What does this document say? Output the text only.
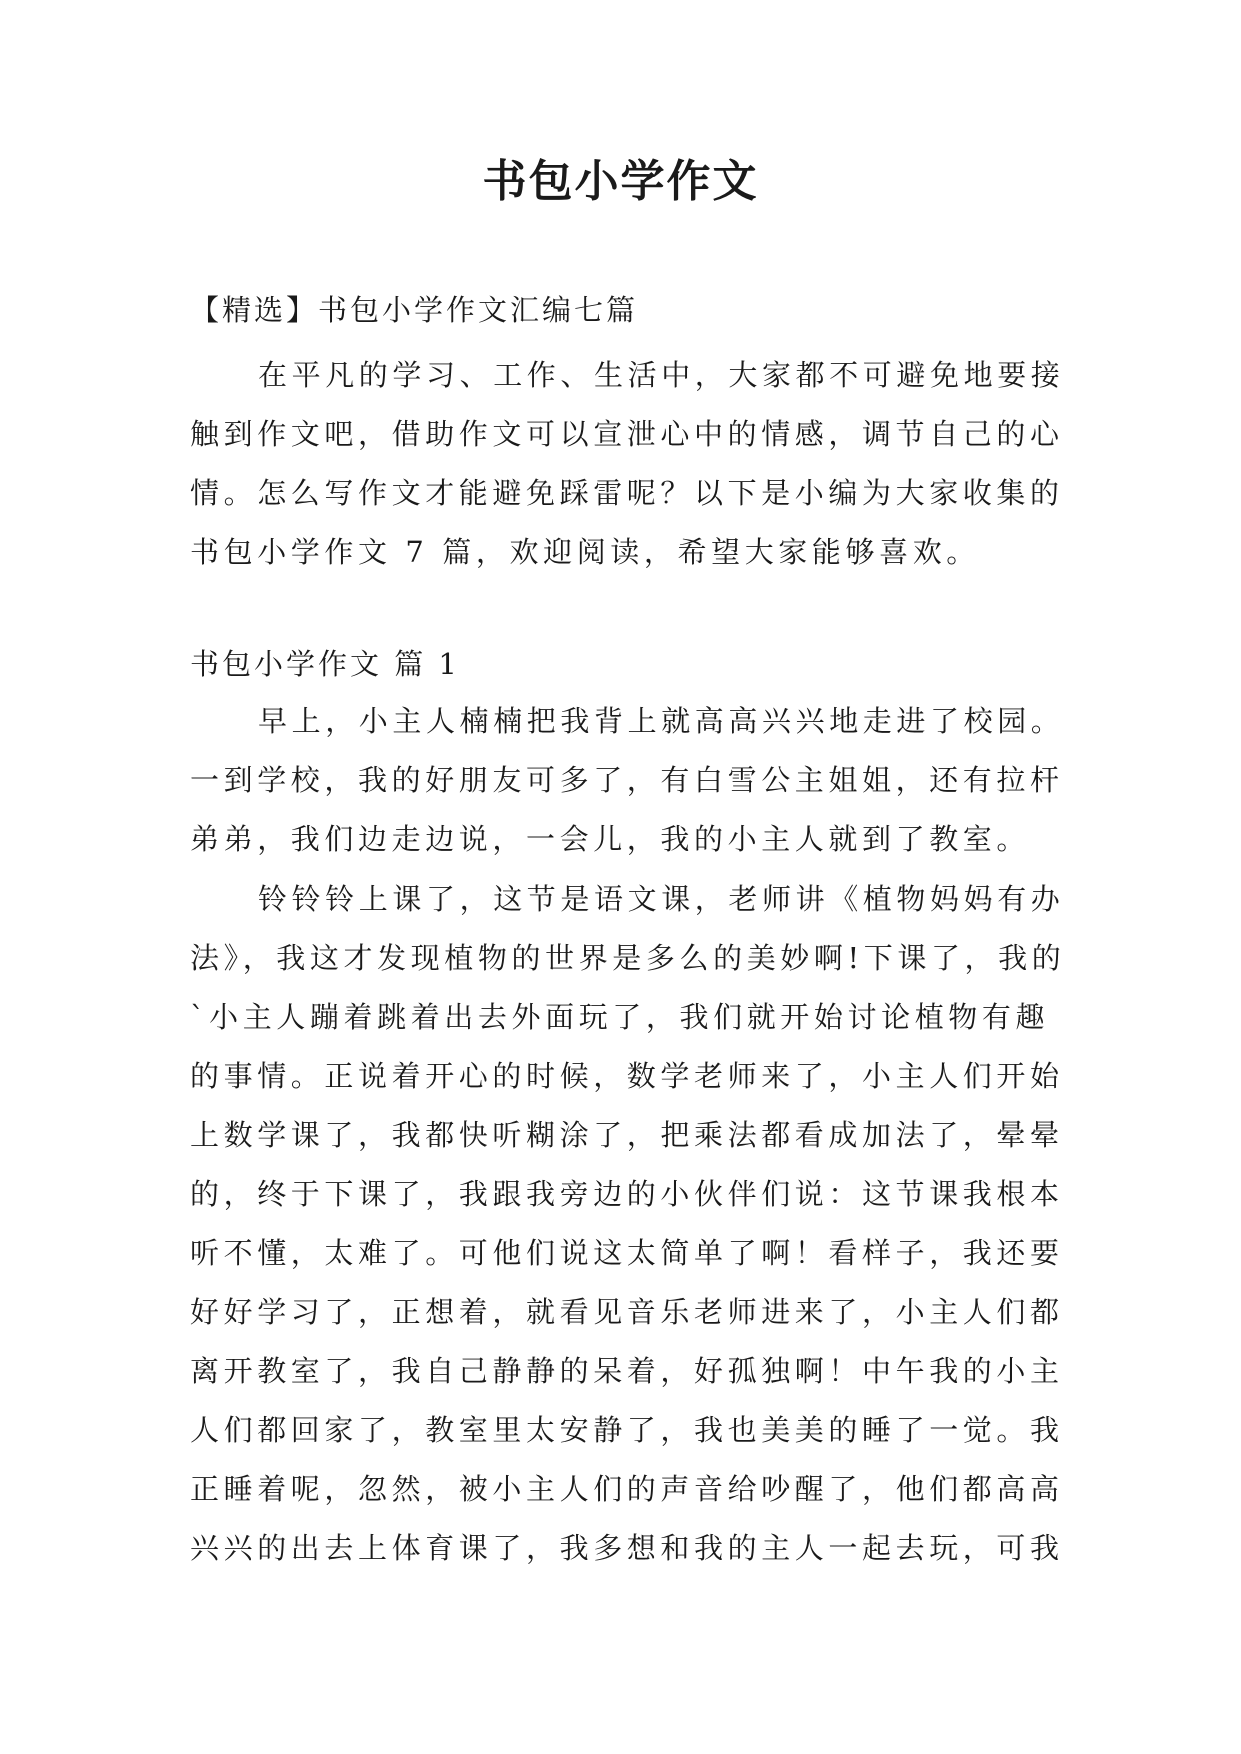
书包小学作文
【精选】书包小学作文汇编七篇
在平凡的学习、工作、生活中，大家都不可避免地要接
触到作文吧，借助作文可以宣泄心中的情感，调节自己的心
情。怎么写作文才能避免踩雷呢？以下是小编为大家收集的
书包小学作文 7 篇，欢迎阅读，希望大家能够喜欢。
书包小学作文 篇 1
早上，小主人楠楠把我背上就高高兴兴地走进了校园。
一到学校，我的好朋友可多了，有白雪公主姐姐，还有拉杆
弟弟，我们边走边说，一会儿，我的小主人就到了教室。
铃铃铃上课了，这节是语文课，老师讲《植物妈妈有办
法》，我这才发现植物的世界是多么的美妙啊!下课了，我的
`小主人蹦着跳着出去外面玩了，我们就开始讨论植物有趣
的事情。正说着开心的时候，数学老师来了，小主人们开始
上数学课了，我都快听糊涂了，把乘法都看成加法了，晕晕
的，终于下课了，我跟我旁边的小伙伴们说：这节课我根本
听不懂，太难了。可他们说这太简单了啊！看样子，我还要
好好学习了，正想着，就看见音乐老师进来了，小主人们都
离开教室了，我自己静静的呆着，好孤独啊！中午我的小主
人们都回家了，教室里太安静了，我也美美的睡了一觉。我
正睡着呢，忽然，被小主人们的声音给吵醒了，他们都高高
兴兴的出去上体育课了，我多想和我的主人一起去玩，可我
